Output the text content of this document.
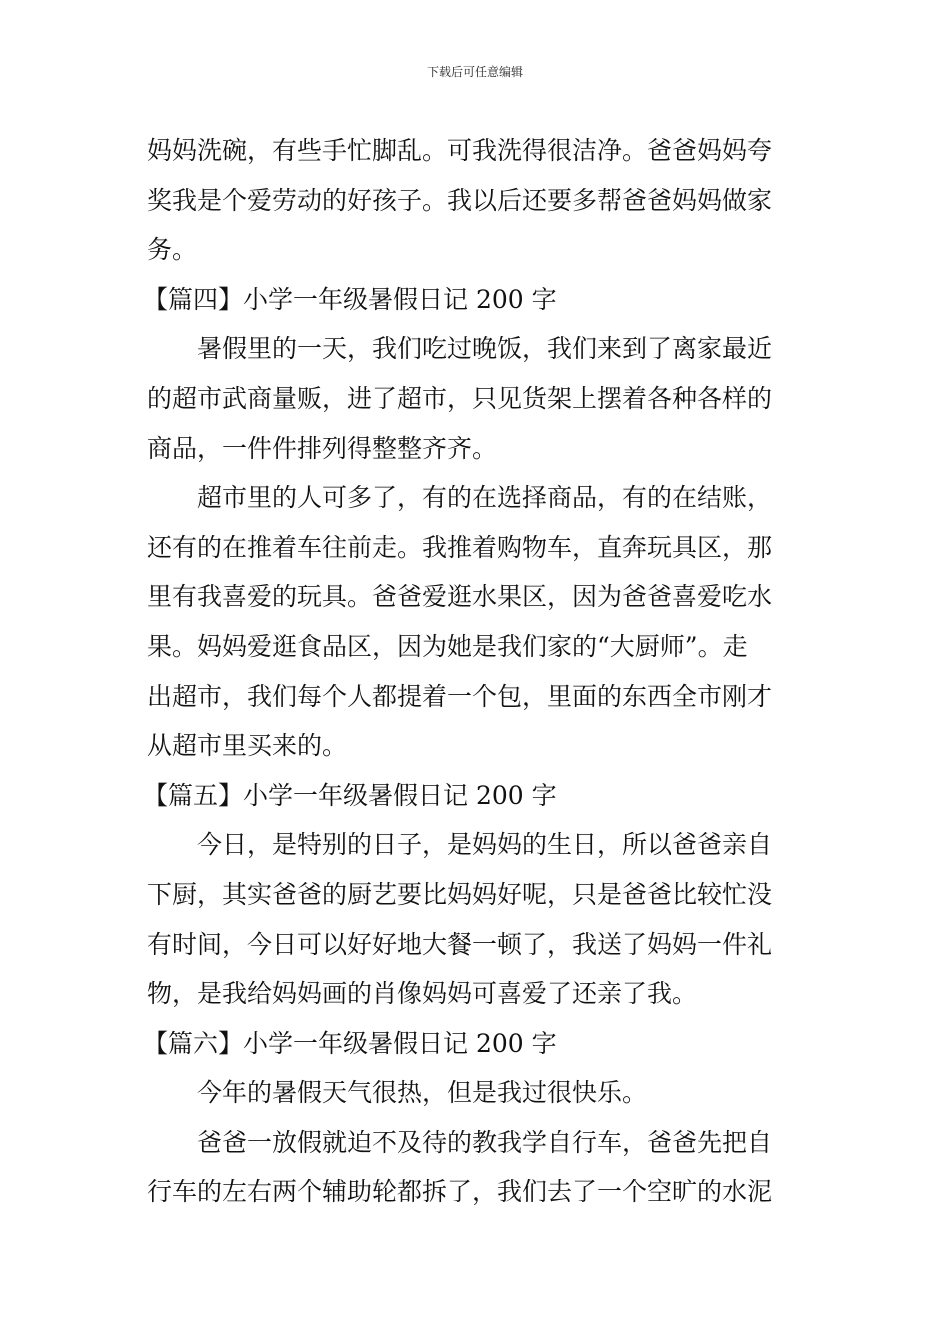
下载后可任意编辑
妈妈洗碗，有些手忙脚乱。可我洗得很洁净。爸爸妈妈夸
奖我是个爱劳动的好孩子。我以后还要多帮爸爸妈妈做家
务。
【篇四】小学一年级暑假日记 200 字
暑假里的一天，我们吃过晚饭，我们来到了离家最近
的超市武商量贩，进了超市，只见货架上摆着各种各样的
商品，一件件排列得整整齐齐。
超市里的人可多了，有的在选择商品，有的在结账，
还有的在推着车往前走。我推着购物车，直奔玩具区，那
里有我喜爱的玩具。爸爸爱逛水果区，因为爸爸喜爱吃水
果。妈妈爱逛食品区，因为她是我们家的“大厨师”。走
出超市，我们每个人都提着一个包，里面的东西全市刚才
从超市里买来的。
【篇五】小学一年级暑假日记 200 字
今日，是特别的日子，是妈妈的生日，所以爸爸亲自
下厨，其实爸爸的厨艺要比妈妈好呢，只是爸爸比较忙没
有时间，今日可以好好地大餐一顿了，我送了妈妈一件礼
物，是我给妈妈画的肖像妈妈可喜爱了还亲了我。
【篇六】小学一年级暑假日记 200 字
今年的暑假天气很热，但是我过很快乐。
爸爸一放假就迫不及待的教我学自行车，爸爸先把自
行车的左右两个辅助轮都拆了，我们去了一个空旷的水泥
